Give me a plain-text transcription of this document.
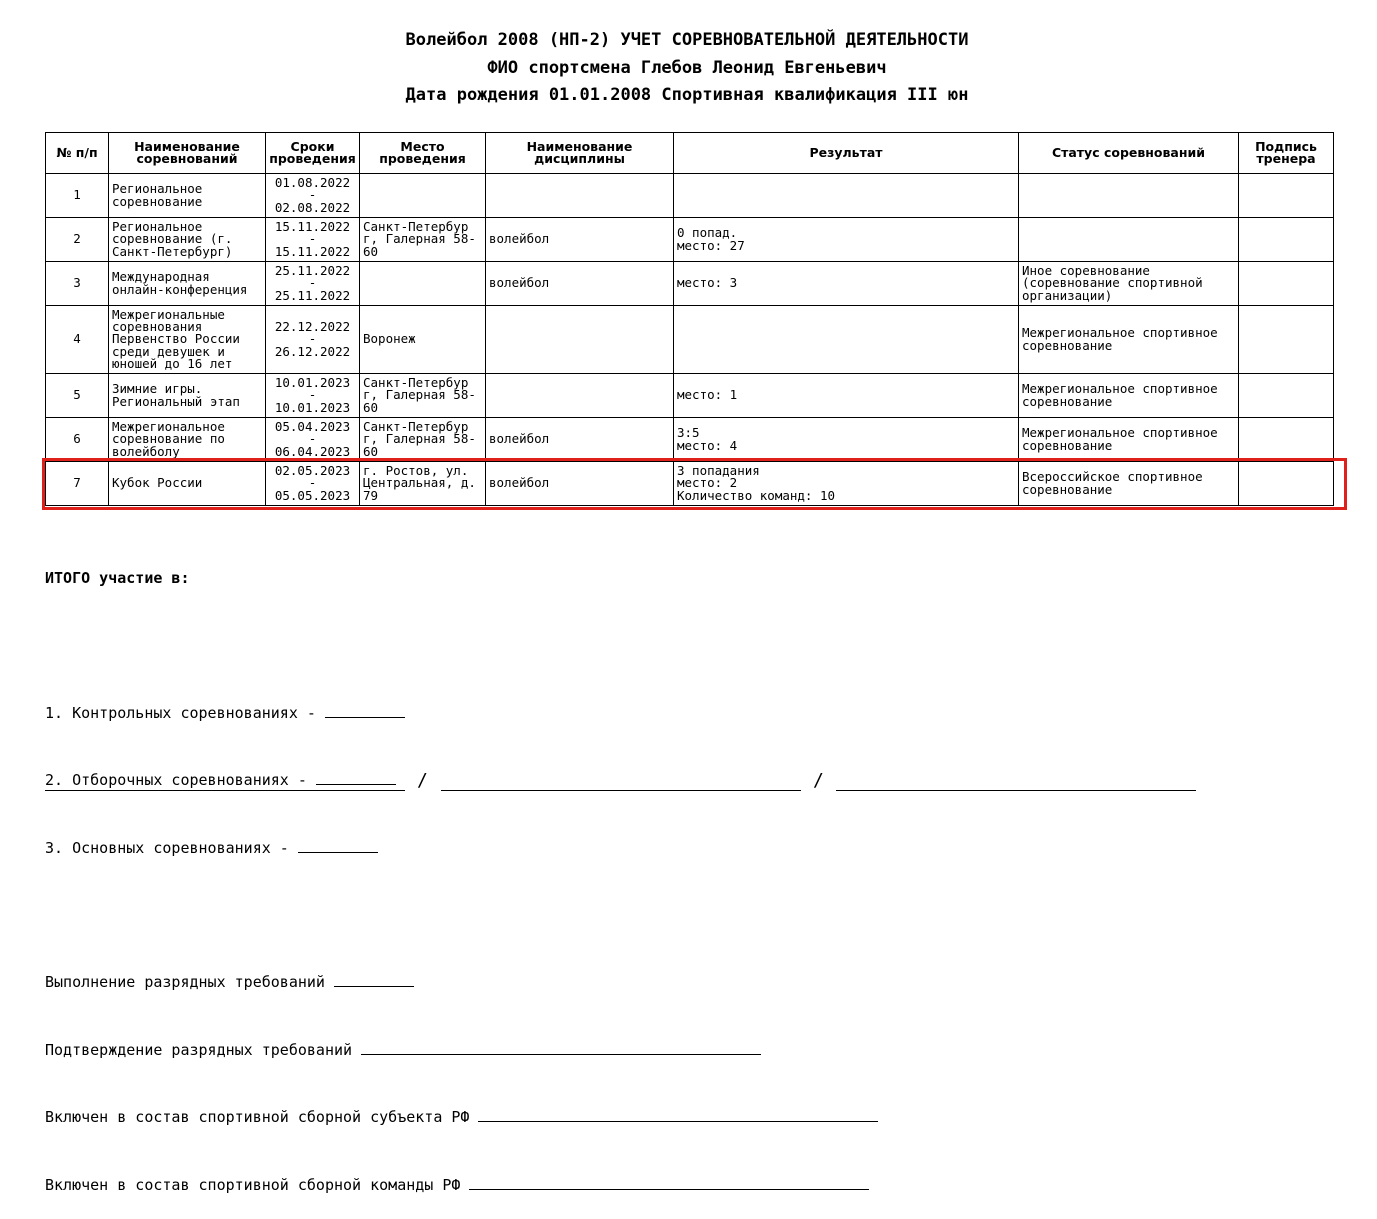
Волейбол 2008 (НП-2) УЧЕТ СОРЕВНОВАТЕЛЬНОЙ ДЕЯТЕЛЬНОСТИ
ФИО спортсмена Глебов Леонид Евгеньевич
Дата рождения 01.01.2008 Спортивная квалификация III юн
№ п/п	Наименование соревнований	Сроки проведения	Место проведения	Наименование дисциплины	Результат	Статус соревнований	Подпись тренера
1	Региональное соревнование	01.08.2022
-
02.08.2022					

2	Региональное соревнование (г. Санкт-Петербург)	15.11.2022
-
15.11.2022	Санкт-Петербур г, Галерная 58-60	волейбол	0 попад.
место: 27		
3	Международная онлайн-конференция	25.11.2022
-
25.11.2022		волейбол	место: 3	Иное соревнование (соревнование спортивной организации)	
4	Межрегиональные соревнования Первенство России среди девушек и юношей до 16 лет	22.12.2022
-
26.12.2022	Воронеж			Межрегиональное спортивное соревнование	
5	Зимние игры. Региональный этап	10.01.2023
-
10.01.2023	Санкт-Петербур г, Галерная 58-60		место: 1	Межрегиональное спортивное соревнование	
6	Межрегиональное соревнование по волейболу	05.04.2023
-
06.04.2023	Санкт-Петербур г, Галерная 58-60	волейбол	3:5
место: 4	Межрегиональное спортивное соревнование	
7	Кубок России	02.05.2023
-
05.05.2023	г. Ростов, ул. Центральная, д. 79	волейбол	3 попадания
место: 2
Количество команд: 10	Всероссийское спортивное соревнование	

ИТОГО участие в:

1. Контрольных соревнованиях -

2. Отборочных соревнованиях -

3. Основных соревнованиях -

Выполнение разрядных требований

Подтверждение разрядных требований

Включен в состав спортивной сборной субъекта РФ

Включен в состав спортивной сборной команды РФ

/	/
